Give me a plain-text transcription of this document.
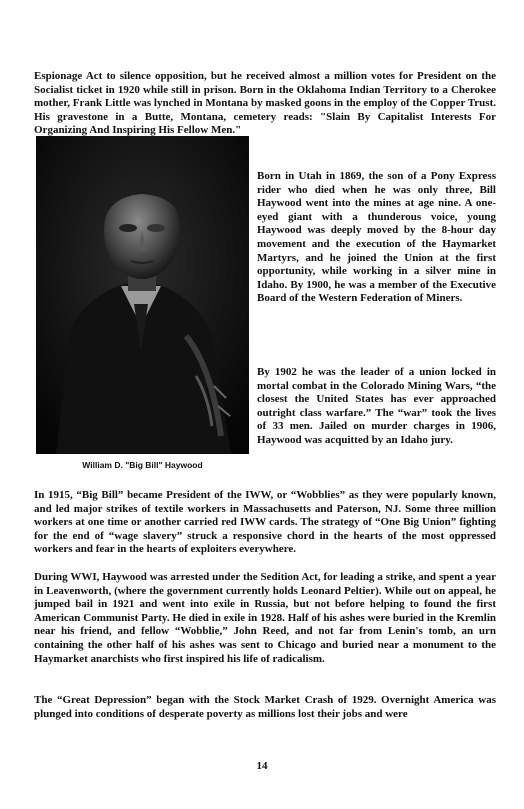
Espionage Act to silence opposition, but he received almost a million votes for President on the Socialist ticket in 1920 while still in prison. Born in the Oklahoma Indian Territory to a Cherokee mother, Frank Little was lynched in Montana by masked goons in the employ of the Copper Trust. His gravestone in a Butte, Montana, cemetery reads: "Slain By Capitalist Interests For Organizing And Inspiring His Fellow Men."

William D. "Big Bill" Haywood

Born in Utah in 1869, the son of a Pony Express rider who died when he was only three, Bill Haywood went into the mines at age nine. A one-eyed giant with a thunderous voice, young Haywood was deeply moved by the 8-hour day movement and the execution of the Haymarket Martyrs, and he joined the Union at the first opportunity, while working in a silver mine in Idaho. By 1900, he was a member of the Executive Board of the Western Federation of Miners.

By 1902 he was the leader of a union locked in mortal combat in the Colorado Mining Wars, “the closest the United States has ever approached outright class warfare.” The “war” took the lives of 33 men. Jailed on murder charges in 1906, Haywood was acquitted by an Idaho jury.

In 1915, “Big Bill” became President of the IWW, or “Wobblies” as they were popularly known, and led major strikes of textile workers in Massachusetts and Paterson, NJ. Some three million workers at one time or another carried red IWW cards. The strategy of “One Big Union” fighting for the end of “wage slavery” struck a responsive chord in the hearts of the most oppressed workers and fear in the hearts of exploiters everywhere.

During WWI, Haywood was arrested under the Sedition Act, for leading a strike, and spent a year in Leavenworth, (where the government currently holds Leonard Peltier). While out on appeal, he jumped bail in 1921 and went into exile in Russia, but not before helping to found the first American Communist Party. He died in exile in 1928. Half of his ashes were buried in the Kremlin near his friend, and fellow “Wobblie,” John Reed, and not far from Lenin's tomb, an urn containing the other half of his ashes was sent to Chicago and buried near a monument to the Haymarket anarchists who first inspired his life of radicalism.

The “Great Depression” began with the Stock Market Crash of 1929. Overnight America was plunged into conditions of desperate poverty as millions lost their jobs and were

14
